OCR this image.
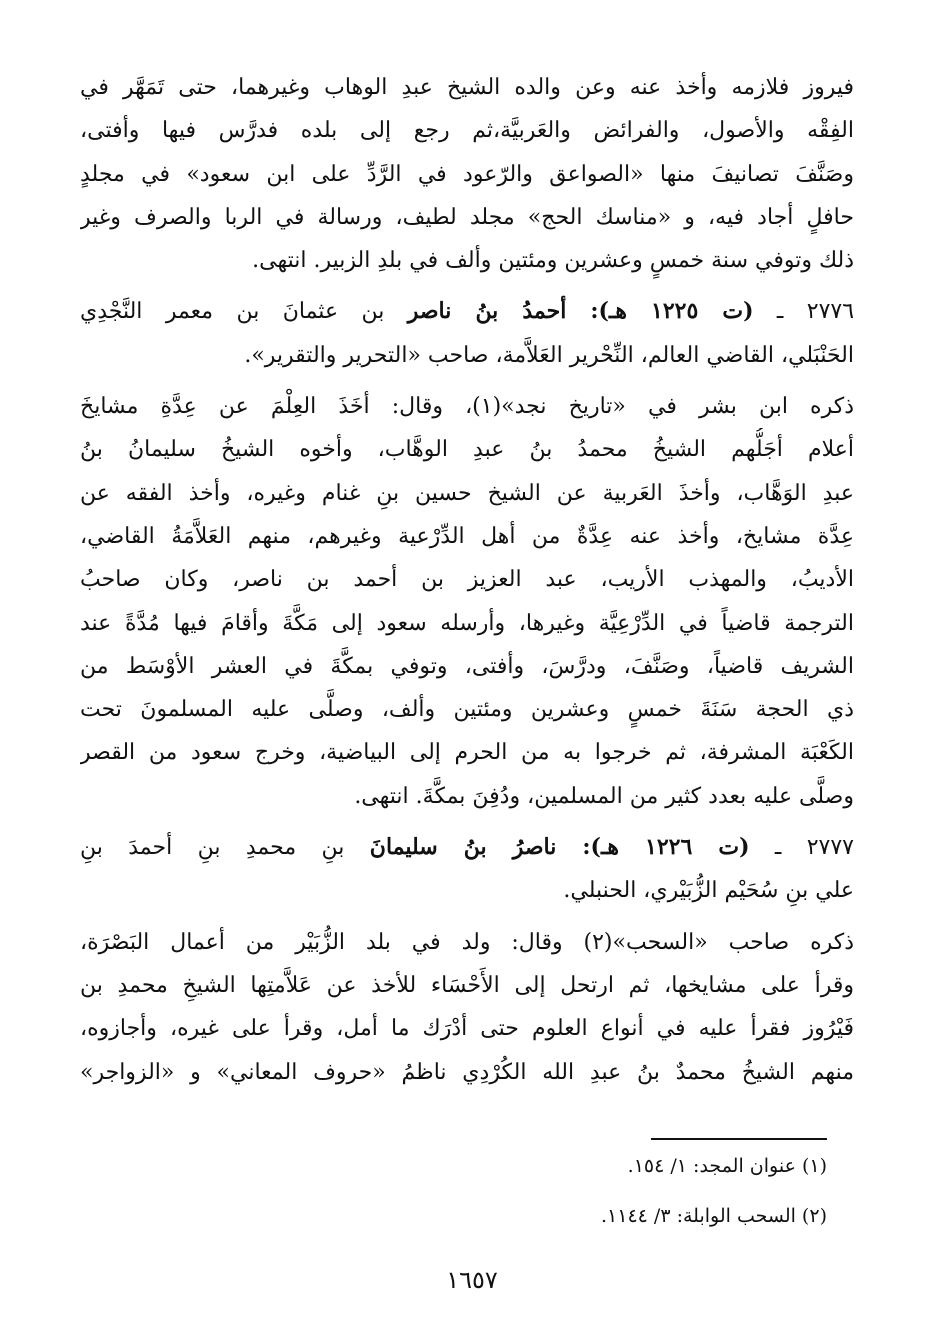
فيروز فلازمه وأخذ عنه وعن والده الشيخ عبدِ الوهاب وغيرهما، حتى تَمَهَّر في
الفِقْه والأصول، والفرائض والعَربيَّة،ثم رجع إلى بلده فدرَّس فيها وأفتى،
وصَنَّفَ تصانيفَ منها «الصواعق والرّعود في الرَّدِّ على ابن سعود» في مجلدٍ
حافلٍ أجاد فيه، و «مناسك الحج» مجلد لطيف، ورسالة في الربا والصرف وغير
ذلك وتوفي سنة خمسٍ وعشرين ومئتين وألف في بلدِ الزبير. انتهى.

٢٧٧٦ ـ (ت ١٢٢٥ هـ): أحمدُ بنُ ناصر بن عثمانَ بن معمر النَّجْدِي
الحَنْبَلي، القاضي العالم، النِّحْرير العَلاَّمة، صاحب «التحرير والتقرير».

ذكره ابن بشر في «تاريخ نجد»(١)، وقال: أخَذَ العِلْمَ عن عِدَّةِ مشايخَ
أعلام أجَلُّهم الشيخُ محمدُ بنُ عبدِ الوهَّاب، وأخوه الشيخُ سليمانُ بنُ
عبدِ الوَهَّاب، وأخذَ العَربية عن الشيخ حسين بنِ غنام وغيره، وأخذ الفقه عن
عِدَّة مشايخ، وأخذ عنه عِدَّةٌ من أهل الدِّرْعية وغيرهم، منهم العَلاَّمَةُ القاضي،
الأديبُ، والمهذب الأريب، عبد العزيز بن أحمد بن ناصر، وكان صاحبُ
الترجمة قاضياً في الدِّرْعِيَّة وغيرها، وأرسله سعود إلى مَكَّةَ وأقامَ فيها مُدَّةً عند
الشريف قاضياً، وصَنَّفَ، ودرَّسَ، وأفتى، وتوفي بمكَّةَ في العشر الأوْسَط من
ذي الحجة سَنَةَ خمسٍ وعشرين ومئتين وألف، وصلَّى عليه المسلمونَ تحت
الكَعْبَة المشرفة، ثم خرجوا به من الحرم إلى البياضية، وخرج سعود من القصر
وصلَّى عليه بعدد كثير من المسلمين، ودُفِنَ بمكَّةَ. انتهى.

٢٧٧٧ ـ (ت ١٢٢٦ هـ): ناصرُ بنُ سليمانَ بنِ محمدِ بنِ أحمدَ بنِ
علي بنِ سُحَيْم الزُّبَيْري، الحنبلي.

ذكره صاحب «السحب»(٢) وقال: ولد في بلد الزُّبَيْر من أعمال البَصْرَة،
وقرأ على مشايخها، ثم ارتحل إلى الأَحْسَاء للأخذ عن عَلاَّمتِها الشيخِ محمدِ بن
فَيْرُوز فقرأ عليه في أنواع العلوم حتى أدْرَك ما أمل، وقرأ على غيره، وأجازوه،
منهم الشيخُ محمدٌ بنُ عبدِ الله الكُرْدِي ناظمُ «حروف المعاني» و «الزواجر»

(١) عنوان المجد: ١/ ١٥٤.
(٢) السحب الوابلة: ٣/ ١١٤٤.
١٦٥٧
